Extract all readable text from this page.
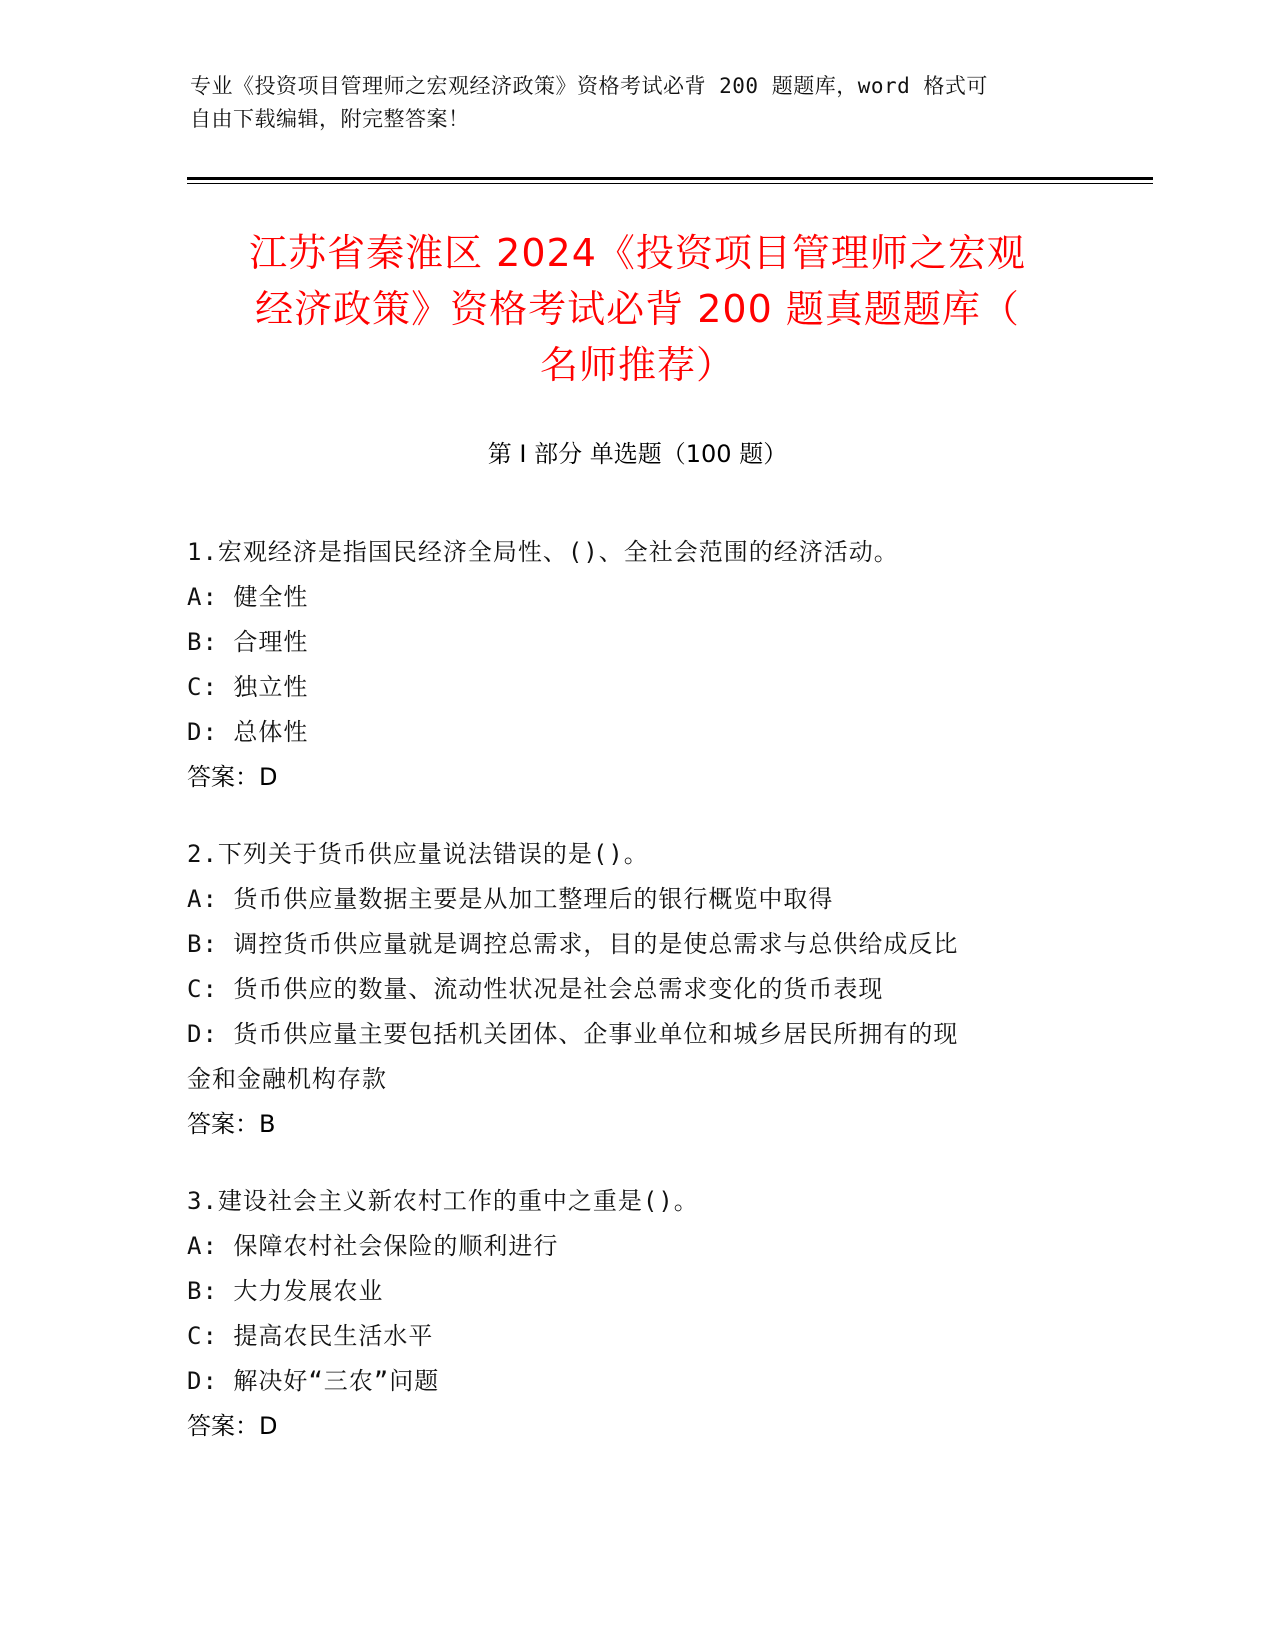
专业《投资项目管理师之宏观经济政策》资格考试必背 200 题题库，word 格式可
自由下载编辑，附完整答案！
江苏省秦淮区 2024《投资项目管理师之宏观
经济政策》资格考试必背 200 题真题题库（
名师推荐）
第 I 部分 单选题（100 题）

1.宏观经济是指国民经济全局性、()、全社会范围的经济活动。

A: 健全性

B: 合理性

C: 独立性

D: 总体性

答案：D

2.下列关于货币供应量说法错误的是()。

A: 货币供应量数据主要是从加工整理后的银行概览中取得

B: 调控货币供应量就是调控总需求，目的是使总需求与总供给成反比

C: 货币供应的数量、流动性状况是社会总需求变化的货币表现

D: 货币供应量主要包括机关团体、企事业单位和城乡居民所拥有的现

金和金融机构存款

答案：B

3.建设社会主义新农村工作的重中之重是()。

A: 保障农村社会保险的顺利进行

B: 大力发展农业

C: 提高农民生活水平

D: 解决好“三农”问题

答案：D
